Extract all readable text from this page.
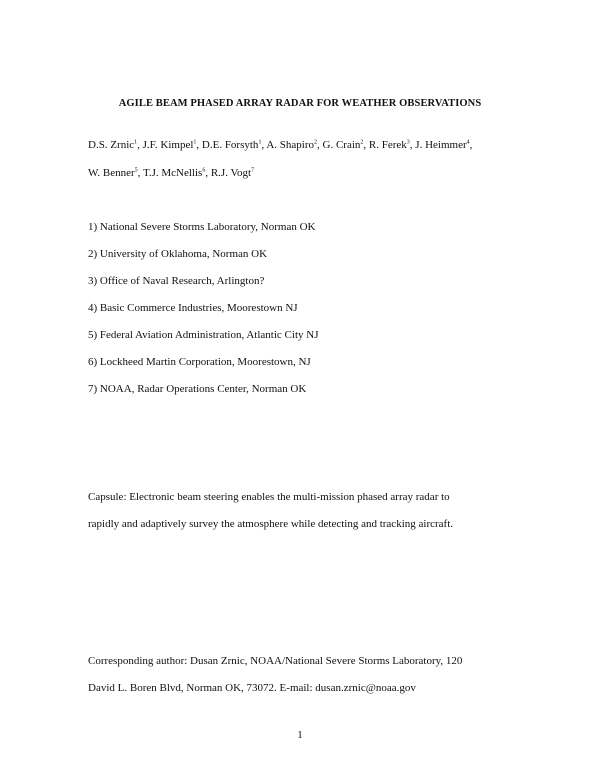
AGILE BEAM PHASED ARRAY RADAR FOR WEATHER OBSERVATIONS
D.S. Zrnic$^1$, J.F. Kimpel$^1$, D.E. Forsyth$^1$, A. Shapiro$^2$, G. Crain$^2$, R. Ferek$^3$, J. Heimmer$^4$,
W. Benner$^5$, T.J. McNellis$^6$, R.J. Vogt$^7$
1) National Severe Storms Laboratory, Norman OK
2) University of Oklahoma, Norman OK
3) Office of Naval Research, Arlington?
4) Basic Commerce Industries, Moorestown NJ
5) Federal Aviation Administration, Atlantic City NJ
6) Lockheed Martin Corporation, Moorestown, NJ
7) NOAA, Radar Operations Center, Norman OK
Capsule: Electronic beam steering enables the multi-mission phased array radar to
rapidly and adaptively survey the atmosphere while detecting and tracking aircraft.
Corresponding author: Dusan Zrnic, NOAA/National Severe Storms Laboratory, 120
David L. Boren Blvd, Norman OK, 73072. E-mail: dusan.zrnic@noaa.gov
1
